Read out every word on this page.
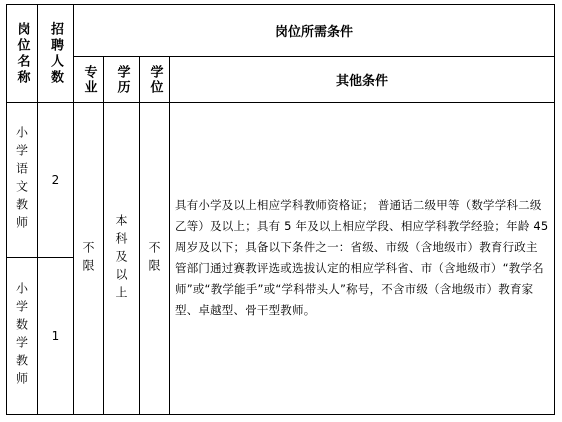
岗位名称 招聘人数	岗位所需条件
专业 学历 学位	其他条件
小学语文教师 2
小学数学教师 1
不限 本科及以上 不限
具有小学及以上相应学科教师资格证； 普通话二级甲等（数学学科二级乙等）及以上；具有 5 年及以上相应学段、相应学科教学经验；年龄 45 周岁及以下；具备以下条件之一：省级、市级（含地级市）教育行政主管部门通过赛教评选或选拔认定的相应学科省、市（含地级市）“教学名师”或“教学能手”或“学科带头人”称号，不含市级（含地级市）教育家型、卓越型、骨干型教师。
